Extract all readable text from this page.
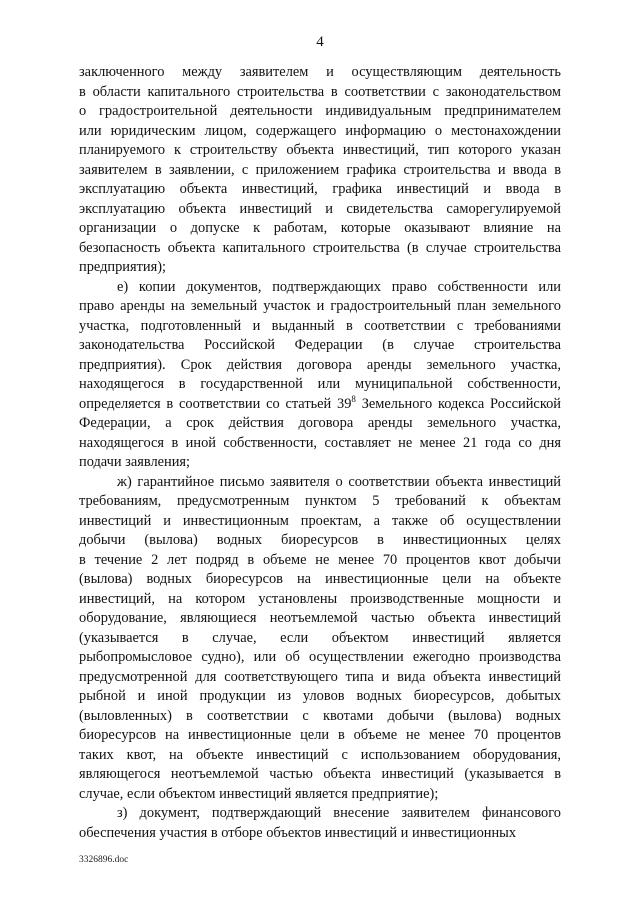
4
заключенного между заявителем и осуществляющим деятельность
в области капитального строительства в соответствии с законодательством
о градостроительной деятельности индивидуальным предпринимателем
или юридическим лицом, содержащего информацию о местонахождении
планируемого к строительству объекта инвестиций, тип которого указан
заявителем в заявлении, с приложением графика строительства и ввода в
эксплуатацию объекта инвестиций, графика инвестиций и ввода в
эксплуатацию объекта инвестиций и свидетельства саморегулируемой
организации о допуске к работам, которые оказывают влияние на
безопасность объекта капитального строительства (в случае строительства
предприятия);
е) копии документов, подтверждающих право собственности или
право аренды на земельный участок и градостроительный план земельного
участка, подготовленный и выданный в соответствии с требованиями
законодательства Российской Федерации (в случае строительства
предприятия). Срок действия договора аренды земельного участка,
находящегося в государственной или муниципальной собственности,
определяется в соответствии со статьей $39^8$ Земельного кодекса Российской
Федерации, а срок действия договора аренды земельного участка,
находящегося в иной собственности, составляет не менее 21 года со дня
подачи заявления;
ж) гарантийное письмо заявителя о соответствии объекта инвестиций
требованиям, предусмотренным пунктом 5 требований к объектам
инвестиций и инвестиционным проектам, а также об осуществлении
добычи (вылова) водных биоресурсов в инвестиционных целях
в течение 2 лет подряд в объеме не менее 70 процентов квот добычи
(вылова) водных биоресурсов на инвестиционные цели на объекте
инвестиций, на котором установлены производственные мощности и
оборудование, являющиеся неотъемлемой частью объекта инвестиций
(указывается в случае, если объектом инвестиций является
рыбопромысловое судно), или об осуществлении ежегодно производства
предусмотренной для соответствующего типа и вида объекта инвестиций
рыбной и иной продукции из уловов водных биоресурсов, добытых
(выловленных) в соответствии с квотами добычи (вылова) водных
биоресурсов на инвестиционные цели в объеме не менее 70 процентов
таких квот, на объекте инвестиций с использованием оборудования,
являющегося неотъемлемой частью объекта инвестиций (указывается в
случае, если объектом инвестиций является предприятие);
з) документ, подтверждающий внесение заявителем финансового
обеспечения участия в отборе объектов инвестиций и инвестиционных
3326896.doc
